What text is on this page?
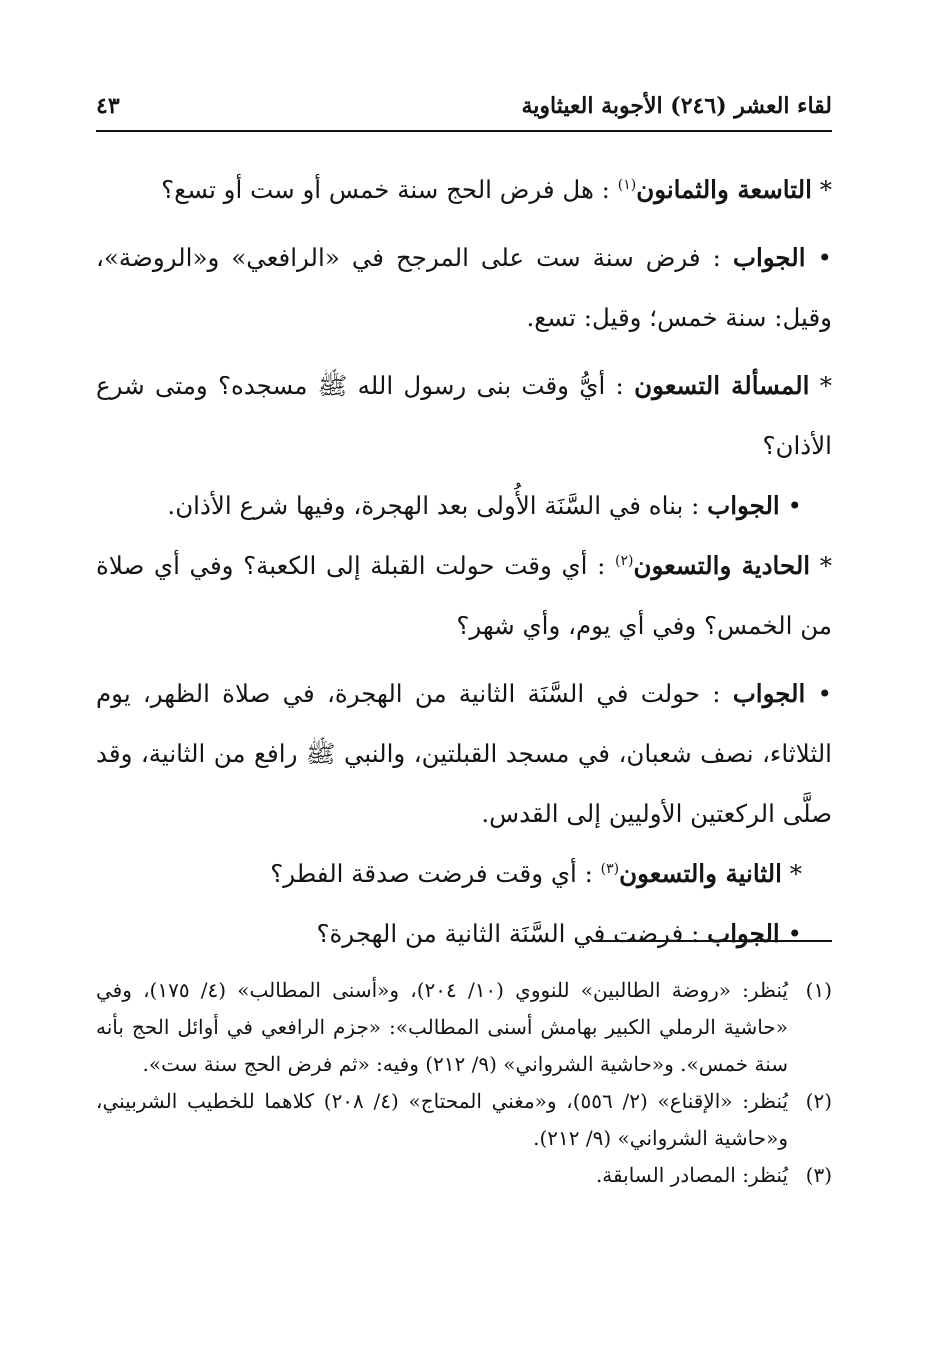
لقاء العشر (٢٤٦) الأجوبة العيثاوية
٤٣

* التاسعة والثمانون$^{(١)}$ : هل فرض الحج سنة خمس أو ست أو تسع؟

• الجواب : فرض سنة ست على المرجح في «الرافعي» و«الروضة»، وقيل: سنة خمس؛ وقيل: تسع.

* المسألة التسعون : أيُّ وقت بنى رسول الله ﷺ مسجده؟ ومتى شرع الأذان؟

• الجواب : بناه في السَّنَة الأُولى بعد الهجرة، وفيها شرع الأذان.

* الحادية والتسعون$^{(٢)}$ : أي وقت حولت القبلة إلى الكعبة؟ وفي أي صلاة من الخمس؟ وفي أي يوم، وأي شهر؟

• الجواب : حولت في السَّنَة الثانية من الهجرة، في صلاة الظهر، يوم الثلاثاء، نصف شعبان، في مسجد القبلتين، والنبي ﷺ رافع من الثانية، وقد صلَّى الركعتين الأوليين إلى القدس.

* الثانية والتسعون$^{(٣)}$ : أي وقت فرضت صدقة الفطر؟

• الجواب : فرضت في السَّنَة الثانية من الهجرة؟

(١)
يُنظر: «روضة الطالبين» للنووي (١٠/ ٢٠٤)، و«أسنى المطالب» (٤/ ١٧٥)، وفي «حاشية الرملي الكبير بهامش أسنى المطالب»: «جزم الرافعي في أوائل الحج بأنه سنة خمس». و«حاشية الشرواني» (٩/ ٢١٢) وفيه: «ثم فرض الحج سنة ست».
(٢)
يُنظر: «الإقناع» (٢/ ٥٥٦)، و«مغني المحتاج» (٤/ ٢٠٨) كلاهما للخطيب الشربيني، و«حاشية الشرواني» (٩/ ٢١٢).
(٣)
يُنظر: المصادر السابقة.
